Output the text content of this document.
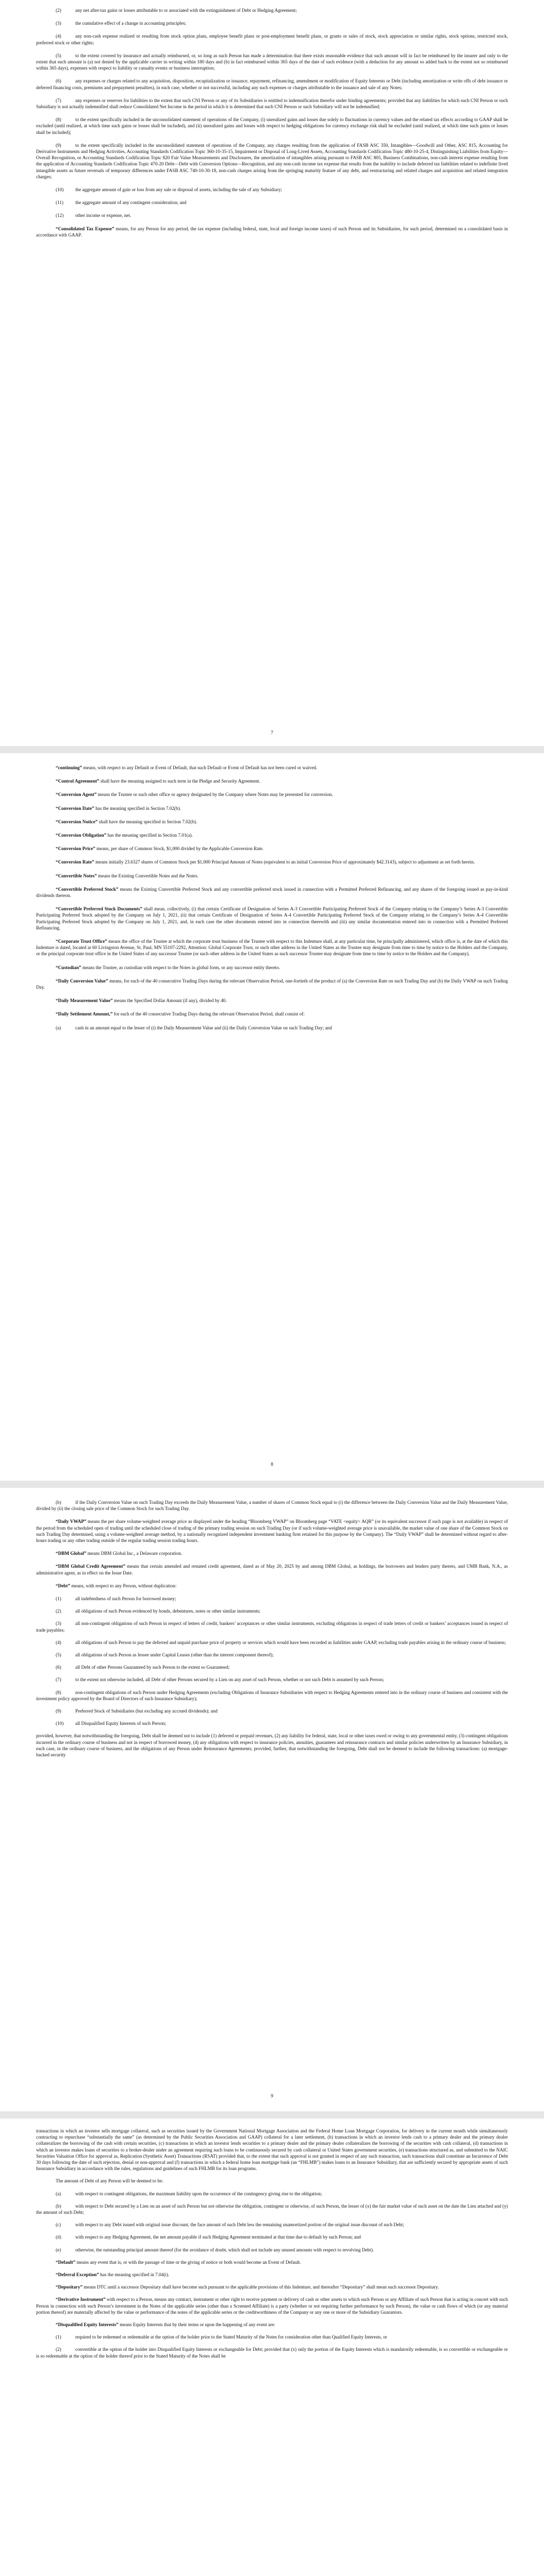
(2)	any net after-tax gains or losses attributable to or associated with the extinguishment of Debt or Hedging Agreement;

(3)	the cumulative effect of a change in accounting principles;

(4)	any non-cash expense realized or resulting from stock option plans, employee benefit plans or post-employment benefit plans, or grants or sales of stock, stock appreciation or similar rights, stock options, restricted stock, preferred stock or other rights;

(5)	to the extent covered by insurance and actually reimbursed, or, so long as such Person has made a determination that there exists reasonable evidence that such amount will in fact be reimbursed by the insurer and only to the extent that such amount is (a) not denied by the applicable carrier in writing within 180 days and (b) in fact reimbursed within 365 days of the date of such evidence (with a deduction for any amount so added back to the extent not so reimbursed within 365 days), expenses with respect to liability or casualty events or business interruption;

(6)	any expenses or charges related to any acquisition, disposition, recapitalization or issuance, repayment, refinancing, amendment or modification of Equity Interests or Debt (including amortization or write offs of debt issuance or deferred financing costs, premiums and prepayment penalties), in each case, whether or not successful, including any such expenses or charges attributable to the issuance and sale of any Notes;

(7)	any expenses or reserves for liabilities to the extent that such CNI Person or any of its Subsidiaries is entitled to indemnification therefor under binding agreements; provided that any liabilities for which such CNI Person or such Subsidiary is not actually indemnified shall reduce Consolidated Net Income in the period in which it is determined that such CNI Person or such Subsidiary will not be indemnified;

(8)	to the extent specifically included in the unconsolidated statement of operations of the Company, (i) unrealized gains and losses due solely to fluctuations in currency values and the related tax effects according to GAAP shall be excluded (until realized, at which time such gains or losses shall be included), and (ii) unrealized gains and losses with respect to hedging obligations for currency exchange risk shall be excluded (until realized, at which time such gains or losses shall be included);

(9)	to the extent specifically included in the unconsolidated statement of operations of the Company, any charges resulting from the application of FASB ASC 350, Intangibles—Goodwill and Other, ASC 815, Accounting for Derivative Instruments and Hedging Activities, Accounting Standards Codification Topic 360-10-35-15, Impairment or Disposal of Long-Lived Assets, Accounting Standards Codification Topic 480-10-25-4, Distinguishing Liabilities from Equity—Overall Recognition, or Accounting Standards Codification Topic 820 Fair Value Measurements and Disclosures, the amortization of intangibles arising pursuant to FASB ASC 805, Business Combinations, non-cash interest expense resulting from the application of Accounting Standards Codification Topic 470-20 Debt—Debt with Conversion Options—Recognition, and any non-cash income tax expense that results from the inability to include deferred tax liabilities related to indefinite lived intangible assets as future reversals of temporary differences under FASB ASC 740-10-30-18, non-cash charges arising from the springing maturity feature of any debt, and restructuring and related charges and acquisition and related integration charges;

(10) the aggregate amount of gain or loss from any sale or disposal of assets, including the sale of any Subsidiary;

(11)	the aggregate amount of any contingent consideration; and

(12) other income or expense, net.

“Consolidated Tax Expense” means, for any Person for any period, the tax expense (including federal, state, local and foreign income taxes) of such Person and its Subsidiaries, for such period, determined on a consolidated basis in accordance with GAAP.

7

“continuing” means, with respect to any Default or Event of Default, that such Default or Event of Default has not been cured or waived.

“Control Agreement” shall have the meaning assigned to such term in the Pledge and Security Agreement.

“Conversion Agent” means the Trustee or such other office or agency designated by the Company where Notes may be presented for conversion.

“Conversion Date” has the meaning specified in Section 7.02(b).

“Conversion Notice” shall have the meaning specified in Section 7.02(b).

“Conversion Obligation” has the meaning specified in Section 7.01(a).

“Conversion Price” means, per share of Common Stock, $1,000 divided by the Applicable Conversion Rate.

“Conversion Rate” means initially 23.6327 shares of Common Stock per $1,000 Principal Amount of Notes (equivalent to an initial Conversion Price of approximately $42.3143), subject to adjustment as set forth herein.

“Convertible Notes” means the Existing Convertible Notes and the Notes.

“Convertible Preferred Stock” means the Existing Convertible Preferred Stock and any convertible preferred stock issued in connection with a Permitted Preferred Refinancing, and any shares of the foregoing issued as pay-in-kind dividends thereon.

“Convertible Preferred Stock Documents” shall mean, collectively, (i) that certain Certificate of Designation of Series A-3 Convertible Participating Preferred Stock of the Company relating to the Company’s Series A-3 Convertible Participating Preferred Stock adopted by the Company on July 1, 2021, (ii) that certain Certificate of Designation of Series A-4 Convertible Participating Preferred Stock of the Company relating to the Company’s Series A-4 Convertible Participating Preferred Stock adopted by the Company on July 1, 2021, and, in each case the other documents entered into in connection therewith and (iii) any similar documentation entered into in connection with a Permitted Preferred Refinancing.

“Corporate Trust Office” means the office of the Trustee at which the corporate trust business of the Trustee with respect to this Indenture shall, at any particular time, be principally administered, which office is, at the date of which this Indenture is dated, located at 60 Livingston Avenue, St. Paul, MN 55107-2292, Attention: Global Corporate Trust, or such other address in the United States as the Trustee may designate from time to time by notice to the Holders and the Company, or the principal corporate trust office in the United States of any successor Trustee (or such other address in the United States as such successor Trustee may designate from time to time by notice to the Holders and the Company).

“Custodian” means the Trustee, as custodian with respect to the Notes in global form, or any successor entity thereto.

“Daily Conversion Value” means, for each of the 40 consecutive Trading Days during the relevant Observation Period, one-fortieth of the product of (a) the Conversion Rate on such Trading Day and (b) the Daily VWAP on such Trading Day.

“Daily Measurement Value” means the Specified Dollar Amount (if any), divided by 40.

“Daily Settlement Amount,” for each of the 40 consecutive Trading Days during the relevant Observation Period, shall consist of:

(a)	cash in an amount equal to the lesser of (i) the Daily Measurement Value and (ii) the Daily Conversion Value on such Trading Day; and

8

(b)	if the Daily Conversion Value on such Trading Day exceeds the Daily Measurement Value, a number of shares of Common Stock equal to (i) the difference between the Daily Conversion Value and the Daily Measurement Value, divided by (ii) the closing sale price of the Common Stock for such Trading Day.

“Daily VWAP” means the per share volume-weighted average price as displayed under the heading “Bloomberg VWAP” on Bloomberg page “VATE <equity> AQR” (or its equivalent successor if such page is not available) in respect of the period from the scheduled open of trading until the scheduled close of trading of the primary trading session on such Trading Day (or if such volume-weighted average price is unavailable, the market value of one share of the Common Stock on such Trading Day determined, using a volume-weighted average method, by a nationally recognized independent investment banking firm retained for this purpose by the Company). The “Daily VWAP” shall be determined without regard to after-hours trading or any other trading outside of the regular trading session trading hours.

“DBM Global” means DBM Global Inc., a Delaware corporation.

“DBM Global Credit Agreement” means that certain amended and restated credit agreement, dated as of May 20, 2025 by and among DBM Global, as holdings, the borrowers and lenders party thereto, and UMB Bank, N.A., as administrative agent, as in effect on the Issue Date.

“Debt” means, with respect to any Person, without duplication:

(1)	all indebtedness of such Person for borrowed money;

(2)	all obligations of such Person evidenced by bonds, debentures, notes or other similar instruments;

(3)	all non-contingent obligations of such Person in respect of letters of credit, bankers’ acceptances or other similar instruments, excluding obligations in respect of trade letters of credit or bankers’ acceptances issued in respect of trade payables;

(4)	all obligations of such Person to pay the deferred and unpaid purchase price of property or services which would have been recorded as liabilities under GAAP, excluding trade payables arising in the ordinary course of business;

(5)	all obligations of such Person as lessee under Capital Leases (other than the interest component thereof);

(6)	all Debt of other Persons Guaranteed by such Person to the extent so Guaranteed;

(7)	to the extent not otherwise included, all Debt of other Persons secured by a Lien on any asset of such Person, whether or not such Debt is assumed by such Person;

(8)	non-contingent obligations of such Person under Hedging Agreements (excluding Obligations of Insurance Subsidiaries with respect to Hedging Agreements entered into in the ordinary course of business and consistent with the investment policy approved by the Board of Directors of such Insurance Subsidiary);

(9)	Preferred Stock of Subsidiaries (but excluding any accrued dividends); and

(10) all Disqualified Equity Interests of such Person;

provided, however, that notwithstanding the foregoing, Debt shall be deemed not to include (1) deferred or prepaid revenues, (2) any liability for federal, state, local or other taxes owed or owing to any governmental entity, (3) contingent obligations incurred in the ordinary course of business and not in respect of borrowed money, (4) any obligations with respect to insurance policies, annuities, guarantees and reinsurance contracts and similar policies underwritten by an Insurance Subsidiary, in each case, in the ordinary course of business, and the obligations of any Person under Reinsurance Agreements; provided, further, that notwithstanding the foregoing, Debt shall not be deemed to include the following transactions: (a) mortgage-backed security

9

transactions in which an investor sells mortgage collateral, such as securities issued by the Government National Mortgage Association and the Federal Home Loan Mortgage Corporation, for delivery in the current month while simultaneously contracting to repurchase “substantially the same” (as determined by the Public Securities Association and GAAP) collateral for a later settlement, (b) transactions in which an investor lends cash to a primary dealer and the primary dealer collateralizes the borrowing of the cash with certain securities, (c) transactions in which an investor lends securities to a primary dealer and the primary dealer collateralizes the borrowing of the securities with cash collateral, (d) transactions in which an investor makes loans of securities to a broker-dealer under an agreement requiring such loans to be continuously secured by cash collateral or United States government securities, (e) transactions structured as, and submitted to the NAIC Securities Valuation Office for approval as, Replication (Synthetic Asset) Transactions (RSAT) provided that, to the extent that such approval is not granted in respect of any such transaction, such transactions shall constitute an Incurrence of Debt 30 days following the date of such rejection, denial or non-approval and (f) transactions in which a federal home loan mortgage bank (an “FHLMB”) makes loans to an Insurance Subsidiary, that are sufficiently secured by appropriate assets of such Insurance Subsidiary in accordance with the rules, regulations and guidelines of such FHLMB for its loan programs.

The amount of Debt of any Person will be deemed to be:

(a)	with respect to contingent obligations, the maximum liability upon the occurrence of the contingency giving rise to the obligation;

(b)	with respect to Debt secured by a Lien on an asset of such Person but not otherwise the obligation, contingent or otherwise, of such Person, the lesser of (x) the fair market value of such asset on the date the Lien attached and (y) the amount of such Debt;

(c)	with respect to any Debt issued with original issue discount, the face amount of such Debt less the remaining unamortized portion of the original issue discount of such Debt;

(d)	with respect to any Hedging Agreement, the net amount payable if such Hedging Agreement terminated at that time due to default by such Person; and

(e)	otherwise, the outstanding principal amount thereof (for the avoidance of doubt, which shall not include any unused amounts with respect to revolving Debt).

“Default” means any event that is, or with the passage of time or the giving of notice or both would become an Event of Default.

“Deferral Exception” has the meaning specified in 7.04(i).

“Depositary” means DTC until a successor Depositary shall have become such pursuant to the applicable provisions of this Indenture, and thereafter “Depositary” shall mean such successor Depositary.

“Derivative Instrument” with respect to a Person, means any contract, instrument or other right to receive payment or delivery of cash or other assets to which such Person or any Affiliate of such Person that is acting in concert with such Person in connection with such Person’s investment in the Notes of the applicable series (other than a Screened Affiliate) is a party (whether or not requiring further performance by such Person), the value or cash flows of which (or any material portion thereof) are materially affected by the value or performance of the notes of the applicable series or the creditworthiness of the Company or any one or more of the Subsidiary Guarantors.

“Disqualified Equity Interests” means Equity Interests that by their terms or upon the happening of any event are:

(1)	required to be redeemed or redeemable at the option of the holder prior to the Stated Maturity of the Notes for consideration other than Qualified Equity Interests, or

(2)	convertible at the option of the holder into Disqualified Equity Interests or exchangeable for Debt; provided that (x) only the portion of the Equity Interests which is mandatorily redeemable, is so convertible or exchangeable or is so redeemable at the option of the holder thereof prior to the Stated Maturity of the Notes shall be
